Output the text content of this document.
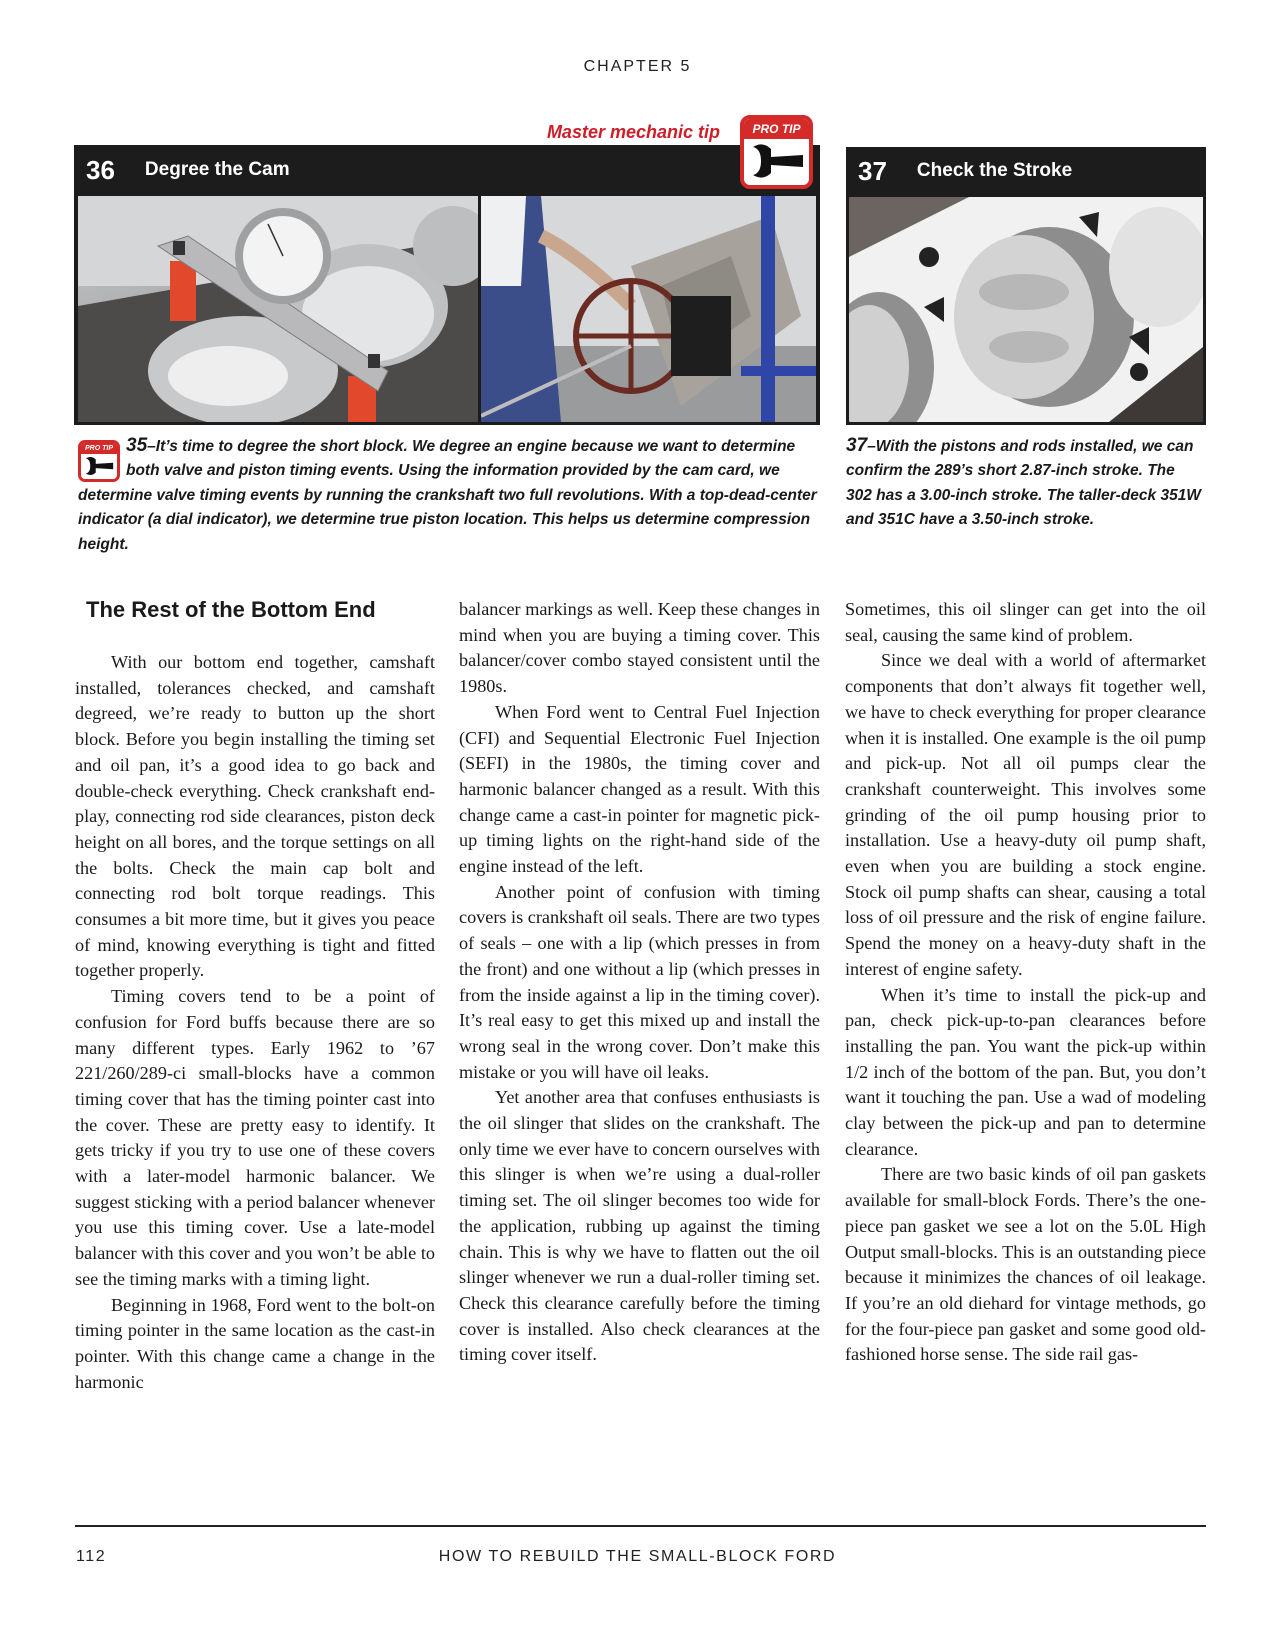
CHAPTER 5
Master mechanic tip
36 Degree the Cam
PRO TIP
37 Check the Stroke
PRO TIP 35–It’s time to degree the short block. We degree an engine because we want to determine both valve and piston timing events. Using the information provided by the cam card, we determine valve timing events by running the crankshaft two full revolutions. With a top-dead-center indicator (a dial indicator), we determine true piston location. This helps us determine compression height.
37–With the pistons and rods installed, we can confirm the 289’s short 2.87-inch stroke. The 302 has a 3.00-inch stroke. The taller-deck 351W and 351C have a 3.50-inch stroke.
The Rest of the Bottom End

With our bottom end together, camshaft installed, tolerances checked, and camshaft degreed, we’re ready to button up the short block. Before you begin installing the timing set and oil pan, it’s a good idea to go back and double-check everything. Check crankshaft end-play, connecting rod side clearances, piston deck height on all bores, and the torque settings on all the bolts. Check the main cap bolt and connecting rod bolt torque readings. This consumes a bit more time, but it gives you peace of mind, knowing everything is tight and fitted together properly.

Timing covers tend to be a point of confusion for Ford buffs because there are so many different types. Early 1962 to ’67 221/260/289-ci small-blocks have a common timing cover that has the timing pointer cast into the cover. These are pretty easy to identify. It gets tricky if you try to use one of these covers with a later-model harmonic balancer. We suggest sticking with a period balancer whenever you use this timing cover. Use a late-model balancer with this cover and you won’t be able to see the timing marks with a timing light.

Beginning in 1968, Ford went to the bolt-on timing pointer in the same location as the cast-in pointer. With this change came a change in the harmonic

balancer markings as well. Keep these changes in mind when you are buying a timing cover. This balancer/cover combo stayed consistent until the 1980s.

When Ford went to Central Fuel Injection (CFI) and Sequential Electronic Fuel Injection (SEFI) in the 1980s, the timing cover and harmonic balancer changed as a result. With this change came a cast-in pointer for magnetic pick-up timing lights on the right-hand side of the engine instead of the left.

Another point of confusion with timing covers is crankshaft oil seals. There are two types of seals – one with a lip (which presses in from the front) and one without a lip (which presses in from the inside against a lip in the timing cover). It’s real easy to get this mixed up and install the wrong seal in the wrong cover. Don’t make this mistake or you will have oil leaks.

Yet another area that confuses enthusiasts is the oil slinger that slides on the crankshaft. The only time we ever have to concern ourselves with this slinger is when we’re using a dual-roller timing set. The oil slinger becomes too wide for the application, rubbing up against the timing chain. This is why we have to flatten out the oil slinger whenever we run a dual-roller timing set. Check this clearance carefully before the timing cover is installed. Also check clearances at the timing cover itself.

Sometimes, this oil slinger can get into the oil seal, causing the same kind of problem.

Since we deal with a world of aftermarket components that don’t always fit together well, we have to check everything for proper clearance when it is installed. One example is the oil pump and pick-up. Not all oil pumps clear the crankshaft counterweight. This involves some grinding of the oil pump housing prior to installation. Use a heavy-duty oil pump shaft, even when you are building a stock engine. Stock oil pump shafts can shear, causing a total loss of oil pressure and the risk of engine failure. Spend the money on a heavy-duty shaft in the interest of engine safety.

When it’s time to install the pick-up and pan, check pick-up-to-pan clearances before installing the pan. You want the pick-up within 1/2 inch of the bottom of the pan. But, you don’t want it touching the pan. Use a wad of modeling clay between the pick-up and pan to determine clearance.

There are two basic kinds of oil pan gaskets available for small-block Fords. There’s the one-piece pan gasket we see a lot on the 5.0L High Output small-blocks. This is an outstanding piece because it minimizes the chances of oil leakage. If you’re an old diehard for vintage methods, go for the four-piece pan gasket and some good old-fashioned horse sense. The side rail gas-

112	HOW TO REBUILD THE SMALL-BLOCK FORD
